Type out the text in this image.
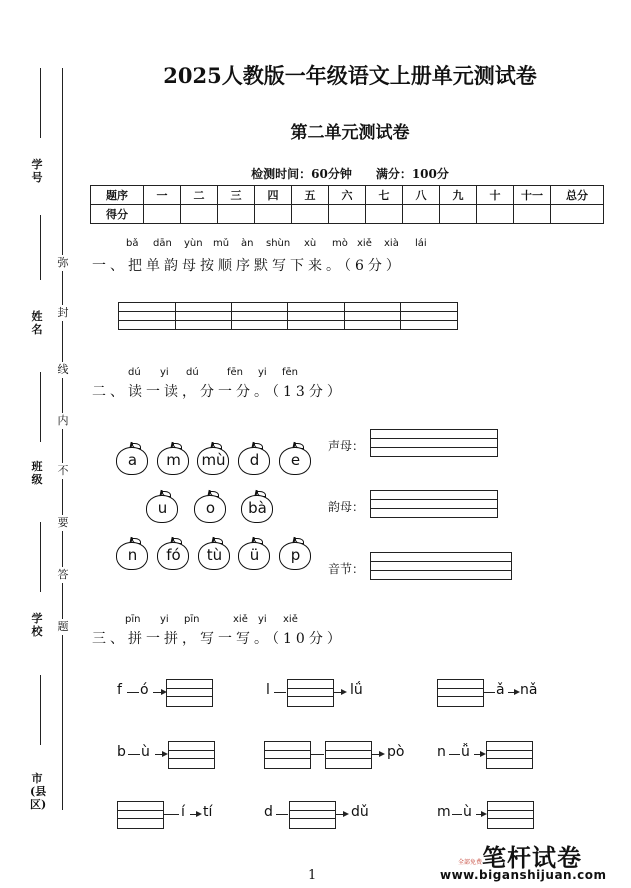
学号
姓名
班级
学校
市(县 区)
弥
封
线
内
不
要
答
题
2025人教版一年级语文上册单元测试卷
第二单元测试卷
检测时间：60分钟　　满分：100分
题序	一	二	三	四	五	六	七	八	九	十	十一	总分
得分												
bǎ dān yùn mǔ àn shùn xù mò xiě xià lái
一、把单韵母按顺序默写下来。（6分）
dú yi dú	fēn yi fēn
二、读一读，分一分。（13分）
a	m	mù	d	e
u	o	bà
n	fó	tù	ü	p
声母：
韵母：
音节：
pīn yi pīn	xiě yi xiě
三、拼一拼，写一写。（10分）
f ó	l	lǘ	ǎ nǎ
b ù	pò n ǚ
í tí	d	dǔ	m ù
1
笔杆试卷
全部免费
www.biganshijuan.com
